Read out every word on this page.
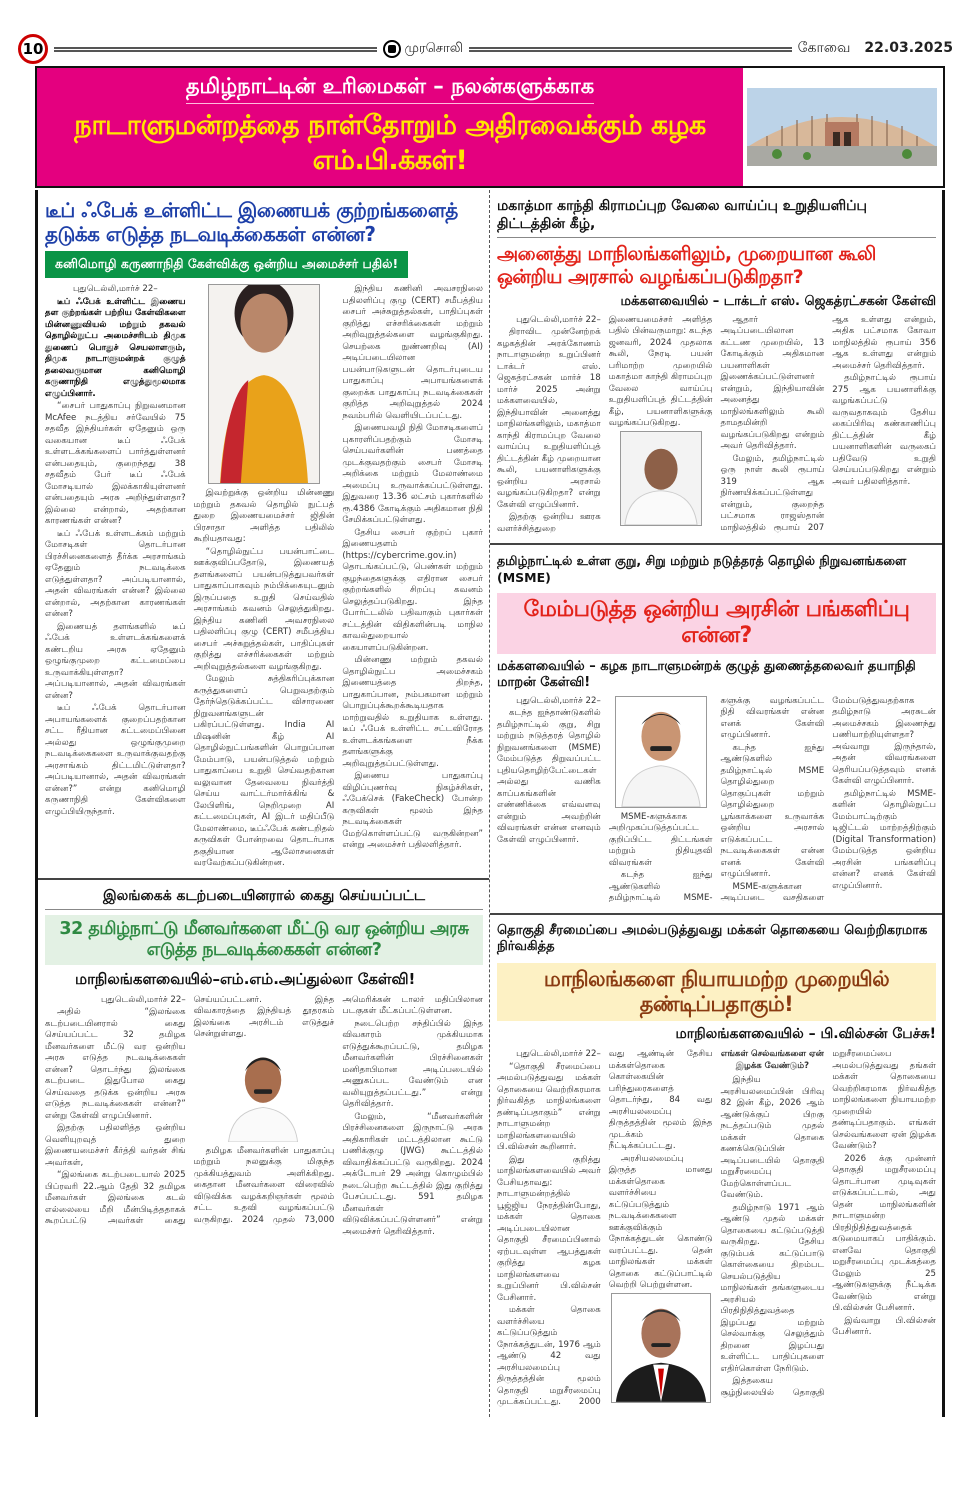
10	முரசொலி	கோவை 22.03.2025
தமிழ்நாட்டின் உரிமைகள் – நலன்களுக்காக
நாடாளுமன்றத்தை நாள்தோறும் அதிரவைக்கும் கழக எம்.பி.க்கள்!
டீப் ஃபேக் உள்ளிட்ட இணையக் குற்றங்களைத் தடுக்க எடுத்த நடவடிக்கைகள் என்ன?
கனிமொழி கருணாநிதி கேள்விக்கு ஒன்றிய அமைச்சர் பதில்!

புதுடெல்லி,மார்ச் 22–

டீப் ஃபேக் உள்ளிட்ட இணைய தள குற்றங்கள் பற்றிய கேள்விகளை மின்னணுவியல் மற்றும் தகவல் தொழில்நுட்ப அமைச்சரிடம் திமுக துணைப் பொதுச் செயலாளரும், திமுக நாடாளுமன்றக் குழுத் தலைவருமான கனிமொழி கருணாநிதி எழுத்துமூலமாக எழுப்பினார்.

“சைபர் பாதுகாப்பு நிறுவனமான McAfee நடத்திய சர்வேயில் 75 சதவீத இந்தியர்கள் ஏதேனும் ஒரு வகையான டீப் ஃபேக் உள்ளடக்கங்களைப் பார்த்துள்ளனர் என்பதையும், குறைந்தது 38 சதவீதம் பேர் டீப் ஃபேக் மோசடியால் இலக்காகியுள்ளனர் என்பதையும் அரசு அறிந்துள்ளதா? இல்லை என்றால், அதற்கான காரணங்கள் என்ன?

டீப் ஃபேக் உள்ளடக்கம் மற்றும் மோசடிகள் தொடர்பான பிரச்சினைகளைத் தீர்க்க அரசாங்கம் ஏதேனும் நடவடிக்கை எடுத்துள்ளதா? அப்படியானால், அதன் விவரங்கள் என்ன? இல்லை என்றால், அதற்கான காரணங்கள் என்ன?

இணையத் தளங்களில் டீப் ஃபேக் உள்ளடக்கங்களைக் கண்டறிய அரசு ஏதேனும் ஒழுங்குமுறை கட்டமைப்பை உருவாக்கியுள்ளதா? அப்படியானால், அதன் விவரங்கள் என்ன?

டீப் ஃபேக் தொடர்பான அபாயங்களைக் குறைப்பதற்கான சட்ட ரீதியான கட்டமைப்பினை அல்லது ஒழுங்குமுறை நடவடிக்கைகளை உருவாக்குவதற்கு அரசாங்கம் திட்டமிட்டுள்ளதா? அப்படியானால், அதன் விவரங்கள் என்ன?” என்று கனிமொழி கருணாநிதி கேள்விகளை எழுப்பியிருந்தார்.

இவற்றுக்கு ஒன்றிய மின்னணு மற்றும் தகவல் தொழில் நுட்பத் துறை இணையமைச்சர் ஜிதின் பிரசாதா அளித்த பதிலில் கூறியதாவது:

“தொழில்நுட்ப பயன்பாட்டை ஊக்குவிப்பதோடு, இணையத் தளங்களைப் பயன்படுத்துபவர்கள் பாதுகாப்பாகவும் நம்பிக்கையுடனும் இருப்பதை உறுதி செய்வதில் அரசாங்கம் கவனம் செலுத்துகிறது. இந்திய கணினி அவசரநிலை பதிலளிப்பு குழு (CERT) சமீபத்திய சைபர் அச்சுறுத்தல்கள், பாதிப்புகள் குறித்து எச்சரிக்கைகள் மற்றும் அறிவுறுத்தல்களை வழங்குகிறது.

மேலும் சுத்திகரிப்புக்கான கருத்துகளைப் பெறுவதற்கும் தேர்ந்தெடுக்கப்பட்ட விசாரணை நிறுவனங்களுடன் பகிரப்பட்டுள்ளது. India AI மிஷனின் கீழ் AI தொழில்நுட்பங்களின் பொறுப்பான மேம்பாடு, பயன்படுத்தல் மற்றும் பாதுகாப்பை உறுதி செய்வதற்கான வலுவான தேவையை நிவர்த்தி செய்ய வாட்டர்மார்க்கிங் & லேபிளிங், நெறிமுறை AI கட்டமைப்புகள், AI இடர் மதிப்பீடு மேலாண்மை, டீப்ஃபேக் கண்டறிதல் கருவிகள் போன்றவை தொடர்பாக தகுதியான ஆலோசனைகள் வரவேற்கப்படுகின்றன.

இந்திய கணினி அவசரநிலை பதிலளிப்பு குழு (CERT) சமீபத்திய சைபர் அச்சுறுத்தல்கள், பாதிப்புகள் குறித்து எச்சரிக்கைகள் மற்றும் அறிவுறுத்தல்களை வழங்குகிறது. செயற்கை நுண்ணறிவு (AI) அடிப்படையிலான பயன்பாடுகளுடன் தொடர்புடைய பாதுகாப்பு அபாயங்களைக் குறைக்க பாதுகாப்பு நடவடிக்கைகள் குறித்த அறிவுறுத்தல் 2024 நவம்பரில் வெளியிடப்பட்டது.

இணையவழி நிதி மோசடிகளைப் புகாரளிப்பதற்கும் மோசடி செய்பவர்களின் பணத்தை முடக்குவதற்கும் சைபர் மோசடி அறிக்கை மற்றும் மேலாண்மை அமைப்பு உருவாக்கப்பட்டுள்ளது. இதுவரை 13.36 லட்சம் புகார்களில் ரூ.4386 கோடிக்கும் அதிகமான நிதி சேமிக்கப்பட்டுள்ளது.

தேசிய சைபர் குற்றப் புகார் இணையதளம் (https://cybercrime.gov.in) தொடங்கப்பட்டு, பெண்கள் மற்றும் குழந்தைகளுக்கு எதிரான சைபர் குற்றங்களில் சிறப்பு கவனம் செலுத்தப்படுகிறது. இந்த போர்ட்டலில் பதிவாகும் புகார்கள் சட்டத்தின் விதிகளின்படி மாநில காவல்துறையால் கையாளப்படுகின்றன.

மின்னணு மற்றும் தகவல் தொழில்நுட்ப அமைச்சகம் இணையத்தை திறந்த, பாதுகாப்பான, நம்பகமான மற்றும் பொறுப்புக்கூறக்கூடியதாக மாற்றுவதில் உறுதியாக உள்ளது. டீப் ஃபேக் உள்ளிட்ட சட்டவிரோத உள்ளடக்கங்களை நீக்க தளங்களுக்கு அறிவுறுத்தப்பட்டுள்ளது.

இணைய பாதுகாப்பு விழிப்புணர்வு நிகழ்ச்சிகள், ஃபேக்செக் (FakeCheck) போன்ற கருவிகள் மூலம் இந்த நடவடிக்கைகள் மேற்கொள்ளப்பட்டு வருகின்றன” என்று அமைச்சர் பதிலளித்தார்.

இலங்கைக் கடற்படையினரால் கைது செய்யப்பட்ட
32 தமிழ்நாட்டு மீனவர்களை மீட்டு வர ஒன்றிய அரசு எடுத்த நடவடிக்கைகள் என்ன?
மாநிலங்களவையில்–எம்.எம்.அப்துல்லா கேள்வி!

புதுடெல்லி,மார்ச் 22–

அதில் “இலங்கை கடற்படையினரால் கைது செய்யப்பட்ட 32 தமிழக மீனவர்களை மீட்டு வர ஒன்றிய அரசு எடுத்த நடவடிக்கைகள் என்ன? தொடர்ந்து இலங்கை கடற்படை இதுபோல கைது செய்வதை தடுக்க ஒன்றிய அரசு எடுத்த நடவடிக்கைகள் என்ன?” என்று கேள்வி எழுப்பினார்.

இதற்கு பதிலளித்த ஒன்றிய வெளியுறவுத் துறை இணையமைச்சர் கீர்த்தி வர்தன் சிங் அவர்கள்,

“இலங்கை கடற்படையால் 2025 பிப்ரவரி 22.ஆம் தேதி 32 தமிழக மீனவர்கள் இலங்கை கடல் எல்லையை மீறி மீன்பிடித்ததாகக் கூறப்பட்டு அவர்கள் கைது செய்யப்பட்டனர். இந்த விவகாரத்தை இந்தியத் தூதரகம் இலங்கை அரசிடம் எடுத்துச் சென்றுள்ளது.

தமிழக மீனவர்களின் பாதுகாப்பு மற்றும் நலனுக்கு மிகுந்த முக்கியத்துவம் அளிக்கிறது. கைதான மீனவர்களை விரைவில் விடுவிக்க வழக்கறிஞர்கள் மூலம் சட்ட உதவி வழங்கப்பட்டு வருகிறது. 2024 முதல் 73,000 அமெரிக்கன் டாலர் மதிப்பிலான படகுகள் மீட்கப்பட்டுள்ளன.

நடைபெற்ற சந்திப்பில் இந்த விவகாரம் முக்கியமாக எடுத்துக்கூறப்பட்டு, தமிழக மீனவர்களின் பிரச்சினைகள் மனிதாபிமான அடிப்படையில் அணுகப்பட வேண்டும் என வலியுறுத்தப்பட்டது.” என்று தெரிவித்தார்.

மேலும், “மீனவர்களின் பிரச்சினைகளை இருநாட்டு அரசு அதிகாரிகள் மட்டத்திலான கூட்டு பணிக்குழு (JWG) கூட்டத்தில் விவாதிக்கப்பட்டு வருகிறது. 2024 அக்டோபர் 29 அன்று கொழும்பில் நடைபெற்ற கூட்டத்தில் இது குறித்து பேசப்பட்டது. 591 தமிழக மீனவர்கள் விடுவிக்கப்பட்டுள்ளனர்” என்று அமைச்சர் தெரிவித்தார்.

மகாத்மா காந்தி கிராமப்புற வேலை வாய்ப்பு உறுதியளிப்பு திட்டத்தின் கீழ்,
அனைத்து மாநிலங்களிலும், முறையான கூலி ஒன்றிய அரசால் வழங்கப்படுகிறதா?
மக்களவையில் – டாக்டர் எஸ். ஜெகத்ரட்சகன் கேள்வி

புதுடெல்லி,மார்ச் 22–

திராவிட முன்னேற்றக் கழகத்தின் அரக்கோணம் நாடாளுமன்ற உறுப்பினர் டாக்டர் எஸ். ஜெகத்ரட்சகன் மார்ச் 18 மார்ச் 2025 அன்று மக்களவையில், இந்தியாவின் அனைத்து மாநிலங்களிலும், மகாத்மா காந்தி கிராமப்புற வேலை வாய்ப்பு உறுதியளிப்புத் திட்டத்தின் கீழ் முறையான கூலி, பயனாளிகளுக்கு ஒன்றிய அரசால் வழங்கப்படுகிறதா? என்று கேள்வி எழுப்பினார்.

இதற்கு ஒன்றிய ஊரக வளர்ச்சித்துறை இணையமைச்சர் அளித்த பதில் பின்வருமாறு: கடந்த ஜனவரி, 2024 முதலாக கூலி, நேரடி பயன் பரிமாற்ற முறையில் மகாத்மா காந்தி கிராமப்புற வேலை வாய்ப்பு உறுதியளிப்புத் திட்டத்தின் கீழ், பயனாளிகளுக்கு வழங்கப்படுகிறது.

ஆதார் அடிப்படையிலான கட்டண முறையில், 13 கோடிக்கும் அதிகமான பயனாளிகள் இணைக்கப்பட்டுள்ளனர் என்றும், இந்தியாவின் அனைத்து மாநிலங்களிலும் கூலி தாமதமின்றி வழங்கப்படுகிறது என்றும் அவர் தெரிவித்தார்.

மேலும், தமிழ்நாட்டில் ஒரு நாள் கூலி ரூபாய் 319 ஆக நிர்ணயிக்கப்பட்டுள்ளது என்றும், குறைந்த பட்சமாக ராஜஸ்தான் மாநிலத்தில் ரூபாய் 207 ஆக உள்ளது என்றும், அதிக பட்சமாக கோவா மாநிலத்தில் ரூபாய் 356 ஆக உள்ளது என்றும் அமைச்சர் தெரிவித்தார்.

தமிழ்நாட்டில் ரூபாய் 275 ஆக பயனாளிக்கு வழங்கப்பட்டு வருவதாகவும் தேசிய கைப்பிரிவு கண்காணிப்பு திட்டத்தின் கீழ் பயனாளிகளின் வருகைப் பதிவேடு உறுதி செய்யப்படுகிறது என்றும் அவர் பதிலளித்தார்.

தமிழ்நாட்டில் உள்ள குறு, சிறு மற்றும் நடுத்தரத் தொழில் நிறுவனங்களை (MSME)
மேம்படுத்த ஒன்றிய அரசின் பங்களிப்பு என்ன?
மக்களவையில் – கழக நாடாளுமன்றக் குழுத் துணைத்தலைவர் தயாநிதி மாறன் கேள்வி!

புதுடெல்லி,மார்ச் 22–

கடந்த ஐந்தாண்டுகளில் தமிழ்நாட்டில் குறு, சிறு மற்றும் நடுத்தரத் தொழில் நிறுவனங்களை (MSME) மேம்படுத்த திறுவப்பட்ட புதியதொழிற்பேட்டைகள் அல்லது வணிக காப்பகங்களின் எண்ணிக்கை எவ்வளவு என்றும் அவற்றின் விவரங்கள் என்ன எனவும் கேள்வி எழுப்பினார்.

MSME-களுக்காக அறிமுகப்படுத்தப்பட்ட குறிப்பிட்ட திட்டங்கள் மற்றும் நிதியுதவி விவரங்கள்

கடந்த ஐந்து ஆண்டுகளில் தமிழ்நாட்டில் MSME-களுக்கு வழங்கப்பட்ட நிதி விவரங்கள் என்ன எனக் கேள்வி எழுப்பினார்.

கடந்த ஐந்து ஆண்டுகளில் தமிழ்நாட்டில் MSME தொழில்துறை தொகுப்புகள் மற்றும் தொழில்துறை பூங்காக்களை உருவாக்க ஒன்றிய அரசால் எடுக்கப்பட்ட நடவடிக்கைகள் என்ன எனக் கேள்வி எழுப்பினார்.

MSME-களுக்கான அடிப்படை வசதிகளை மேம்படுத்துவதற்காக தமிழ்நாடு அரசுடன் அமைச்சகம் இணைந்து பணியாற்றியுள்ளதா? அவ்வாறு இருந்தால், அதன் விவரங்களை தெரியப்படுத்தவும் எனக் கேள்வி எழுப்பினார்.

தமிழ்நாட்டில் MSME-களின் தொழில்நுட்ப மேம்பாட்டிற்கும் டிஜிட்டல் மாற்றத்திற்கும் (Digital Transformation) மேம்படுத்த ஒன்றிய அரசின் பங்களிப்பு என்ன? எனக் கேள்வி எழுப்பினார்.

தொகுதி சீரமைப்பை அமல்படுத்துவது மக்கள் தொகையை வெற்றிகரமாக நிர்வகித்த
மாநிலங்களை நியாயமற்ற முறையில் தண்டிப்பதாகும்!
மாநிலங்களவையில் – பி.வில்சன் பேச்சு!

புதுடெல்லி,மார்ச் 22–

“தொகுதி சீரமைப்பை அமல்படுத்துவது மக்கள் தொகையை வெற்றிகரமாக நிர்வகித்த மாநிலங்களை தண்டிப்பதாகும்” என்று நாடாளுமன்ற மாநிலங்களவையில் பி.வில்சன் கூறினார்.

இது குறித்து மாநிலங்களவையில் அவர் பேசியதாவது: நாடாளுமன்றத்தில் பூஜ்ஜிய நேரத்தின்போது, மக்கள் தொகை அடிப்படையிலான தொகுதி சீரமைப்பினால் ஏற்படவுள்ள ஆபத்துகள் குறித்து கழக மாநிலங்களவை உறுப்பினர் பி.வில்சன் பேசினார்.

மக்கள் தொகை வளர்ச்சியை கட்டுப்படுத்தும் நோக்கத்துடன், 1976 ஆம் ஆண்டு 42 வது அரசியலமைப்பு திருத்தத்தின் மூலம் தொகுதி மறுசீரமைப்பு முடக்கப்பட்டது. 2000 வது ஆண்டின் தேசிய மக்கள்தொகை கொள்கையின் பரிந்துரைகளைத் தொடர்ந்து, 84 வது அரசியலமைப்பு திருத்தத்தின் மூலம் இந்த முடக்கம் நீட்டிக்கப்பட்டது.

அரசியலமைப்பு இருத்த மானது மக்கள்தொகை வளர்ச்சியை கட்டுப்படுத்தும் நடவடிக்கைகளை ஊக்குவிக்கும் நோக்கத்துடன் கொண்டு வரப்பட்டது. தென் மாநிலங்கள் மக்கள் தொகை கட்டுப்பாட்டில் வெற்றி பெற்றுள்ளன.

எங்கள் செல்வங்களை ஏன் இழக்க வேண்டும்?

இந்திய அரசியலமைப்பின் பிரிவு 82 இன் கீழ், 2026 ஆம் ஆண்டுக்குப் பிறகு நடத்தப்படும் முதல் மக்கள் தொகை கணக்கெடுப்பின் அடிப்படையில் தொகுதி மறுசீரமைப்பு மேற்கொள்ளப்பட வேண்டும்.

தமிழ்நாடு 1971 ஆம் ஆண்டு முதல் மக்கள் தொகையை கட்டுப்படுத்தி வருகிறது. தேசிய குடும்பக் கட்டுப்பாடு கொள்கையை திறம்பட செயல்படுத்திய மாநிலங்கள் தங்களுடைய அரசியல் பிரதிநிதித்துவத்தை இழப்பது மற்றும் செல்வாக்கு செலுத்தும் திறனை இழப்பது உள்ளிட்ட பாதிப்புகளை எதிர்கொள்ள நேரிடும்.

இத்தகைய சூழ்நிலையில் தொகுதி மறுசீரமைப்பை அமல்படுத்துவது தங்கள் மக்கள் தொகையை வெற்றிகரமாக நிர்வகித்த மாநிலங்களை நியாயமற்ற முறையில் தண்டிப்பதாகும். எங்கள் செல்வங்களை ஏன் இழக்க வேண்டும்?

2026 க்கு முன்னர் தொகுதி மறுசீரமைப்பு தொடர்பான முடிவுகள் எடுக்கப்பட்டால், அது தென் மாநிலங்களின் நாடாளுமன்ற பிரதிநிதித்துவத்தைக் கடுமையாகப் பாதிக்கும். எனவே தொகுதி மறுசீரமைப்பு முடக்கத்தை மேலும் 25 ஆண்டுகளுக்கு நீட்டிக்க வேண்டும் என்று பி.வில்சன் பேசினார்.

இவ்வாறு பி.வில்சன் பேசினார்.
